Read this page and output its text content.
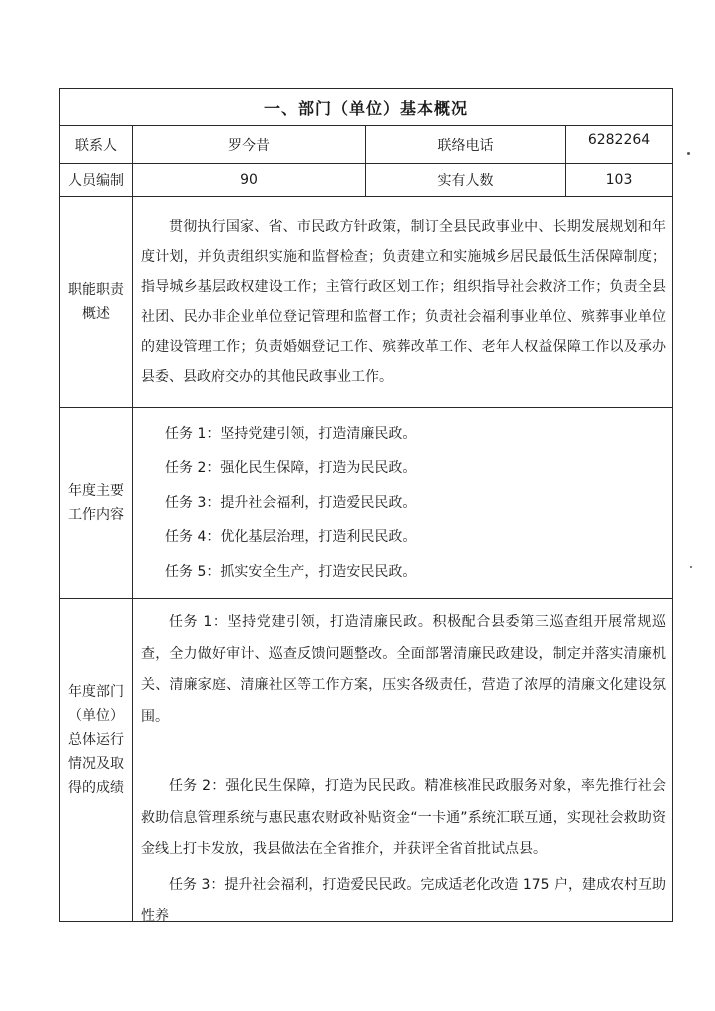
一、部门（单位）基本概况			
联系人	罗今昔	联络电话	6282264
人员编制	90	实有人数	103
职能职责概述	贯彻执行国家、省、市民政方针政策，制订全县民政事业中、长期发展规划和年度计划，并负责组织实施和监督检查；负责建立和实施城乡居民最低生活保障制度；指导城乡基层政权建设工作；主管行政区划工作；组织指导社会救济工作；负责全县社团、民办非企业单位登记管理和监督工作；负责社会福利事业单位、殡葬事业单位的建设管理工作；负责婚姻登记工作、殡葬改革工作、老年人权益保障工作以及承办县委、县政府交办的其他民政事业工作。		

年度主要工作内容	任务 1：坚持党建引领，打造清廉民政。
任务 2：强化民生保障，打造为民民政。
任务 3：提升社会福利，打造爱民民政。
任务 4：优化基层治理，打造利民民政。
任务 5：抓实安全生产，打造安民民政。		

年度部门（单位）总体运行情况及取得的成绩	任务 1：坚持党建引领，打造清廉民政。积极配合县委第三巡查组开展常规巡查，全力做好审计、巡查反馈问题整改。全面部署清廉民政建设，制定并落实清廉机关、清廉家庭、清廉社区等工作方案，压实各级责任，营造了浓厚的清廉文化建设氛围。

任务 2：强化民生保障，打造为民民政。精准核准民政服务对象，率先推行社会救助信息管理系统与惠民惠农财政补贴资金“一卡通”系统汇联互通，实现社会救助资金线上打卡发放，我县做法在全省推介，并获评全省首批试点县。

任务 3：提升社会福利，打造爱民民政。完成适老化改造 175 户，建成农村互助性养		
